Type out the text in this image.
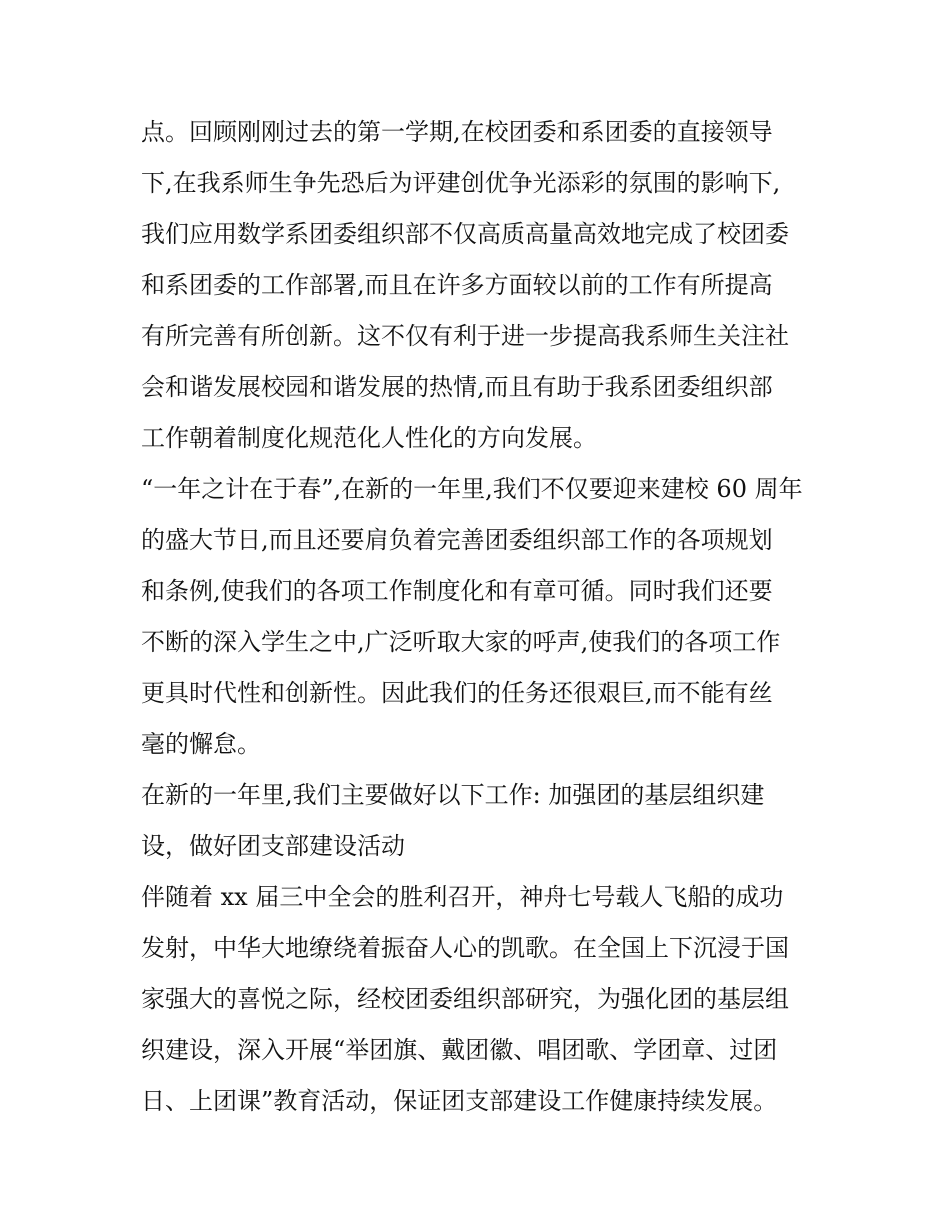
点。回顾刚刚过去的第一学期,在校团委和系团委的直接领导
下,在我系师生争先恐后为评建创优争光添彩的氛围的影响下,
我们应用数学系团委组织部不仅高质高量高效地完成了校团委
和系团委的工作部署,而且在许多方面较以前的工作有所提高
有所完善有所创新。这不仅有利于进一步提高我系师生关注社
会和谐发展校园和谐发展的热情,而且有助于我系团委组织部
工作朝着制度化规范化人性化的方向发展。
“一年之计在于春”,在新的一年里,我们不仅要迎来建校 60 周年
的盛大节日,而且还要肩负着完善团委组织部工作的各项规划
和条例,使我们的各项工作制度化和有章可循。同时我们还要
不断的深入学生之中,广泛听取大家的呼声,使我们的各项工作
更具时代性和创新性。因此我们的任务还很艰巨,而不能有丝
毫的懈怠。
在新的一年里,我们主要做好以下工作: 加强团的基层组织建
设，做好团支部建设活动
伴随着 xx 届三中全会的胜利召开，神舟七号载人飞船的成功
发射，中华大地缭绕着振奋人心的凯歌。在全国上下沉浸于国
家强大的喜悦之际，经校团委组织部研究，为强化团的基层组
织建设，深入开展“举团旗、戴团徽、唱团歌、学团章、过团
日、上团课”教育活动，保证团支部建设工作健康持续发展。
